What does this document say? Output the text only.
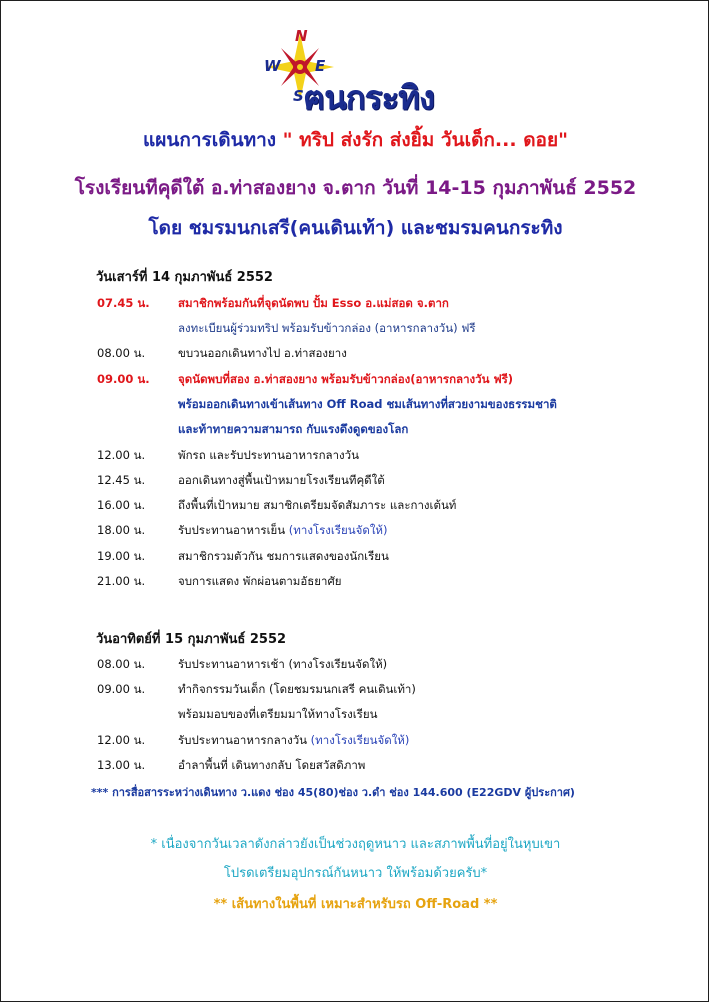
N
W E
S ฅนกระทิง
แผนการเดินทาง " ทริป ส่งรัก ส่งยิ้ม วันเด็ก... ดอย"
โรงเรียนทีคุดีใต้ อ.ท่าสองยาง จ.ตาก วันที่ 14-15 กุมภาพันธ์ 2552
โดย ชมรมนกเสรี(คนเดินเท้า) และชมรมคนกระทิง
วันเสาร์ที่ 14 กุมภาพันธ์ 2552
07.45 น. สมาชิกพร้อมกันที่จุดนัดพบ ปั้ม Esso อ.แม่สอด จ.ตาก
ลงทะเบียนผู้ร่วมทริป พร้อมรับข้าวกล่อง (อาหารกลางวัน) ฟรี
08.00 น.	ขบวนออกเดินทางไป อ.ท่าสองยาง
09.00 น. จุดนัดพบที่สอง อ.ท่าสองยาง พร้อมรับข้าวกล่อง(อาหารกลางวัน ฟรี)
พร้อมออกเดินทางเข้าเส้นทาง Off Road ชมเส้นทางที่สวยงามของธรรมชาติ
และท้าทายความสามารถ กับแรงดึงดูดของโลก
12.00 น.	พักรถ และรับประทานอาหารกลางวัน
12.45 น.	ออกเดินทางสู่พื้นเป้าหมายโรงเรียนทีคุดีใต้
16.00 น.	ถึงพื้นที่เป้าหมาย สมาชิกเตรียมจัดสัมภาระ และกางเต้นท์
18.00 น.	รับประทานอาหารเย็น (ทางโรงเรียนจัดให้)
19.00 น.	สมาชิกรวมตัวกัน ชมการแสดงของนักเรียน
21.00 น.	จบการแสดง พักผ่อนตามอัธยาศัย
วันอาทิตย์ที่ 15 กุมภาพันธ์ 2552
08.00 น.	รับประทานอาหารเช้า (ทางโรงเรียนจัดให้)
09.00 น.	ทำกิจกรรมวันเด็ก (โดยชมรมนกเสรี คนเดินเท้า)
พร้อมมอบของที่เตรียมมาให้ทางโรงเรียน
12.00 น.	รับประทานอาหารกลางวัน (ทางโรงเรียนจัดให้)
13.00 น.	อำลาพื้นที่ เดินทางกลับ โดยสวัสดิภาพ
*** การสื่อสารระหว่างเดินทาง ว.แดง ช่อง 45(80)ช่อง ว.ดำ ช่อง 144.600 (E22GDV ผู้ประกาศ)
* เนื่องจากวันเวลาดังกล่าวยังเป็นช่วงฤดูหนาว และสภาพพื้นที่อยู่ในหุบเขา
โปรดเตรียมอุปกรณ์กันหนาว ให้พร้อมด้วยครับ*
** เส้นทางในพื้นที่ เหมาะสำหรับรถ Off-Road **
